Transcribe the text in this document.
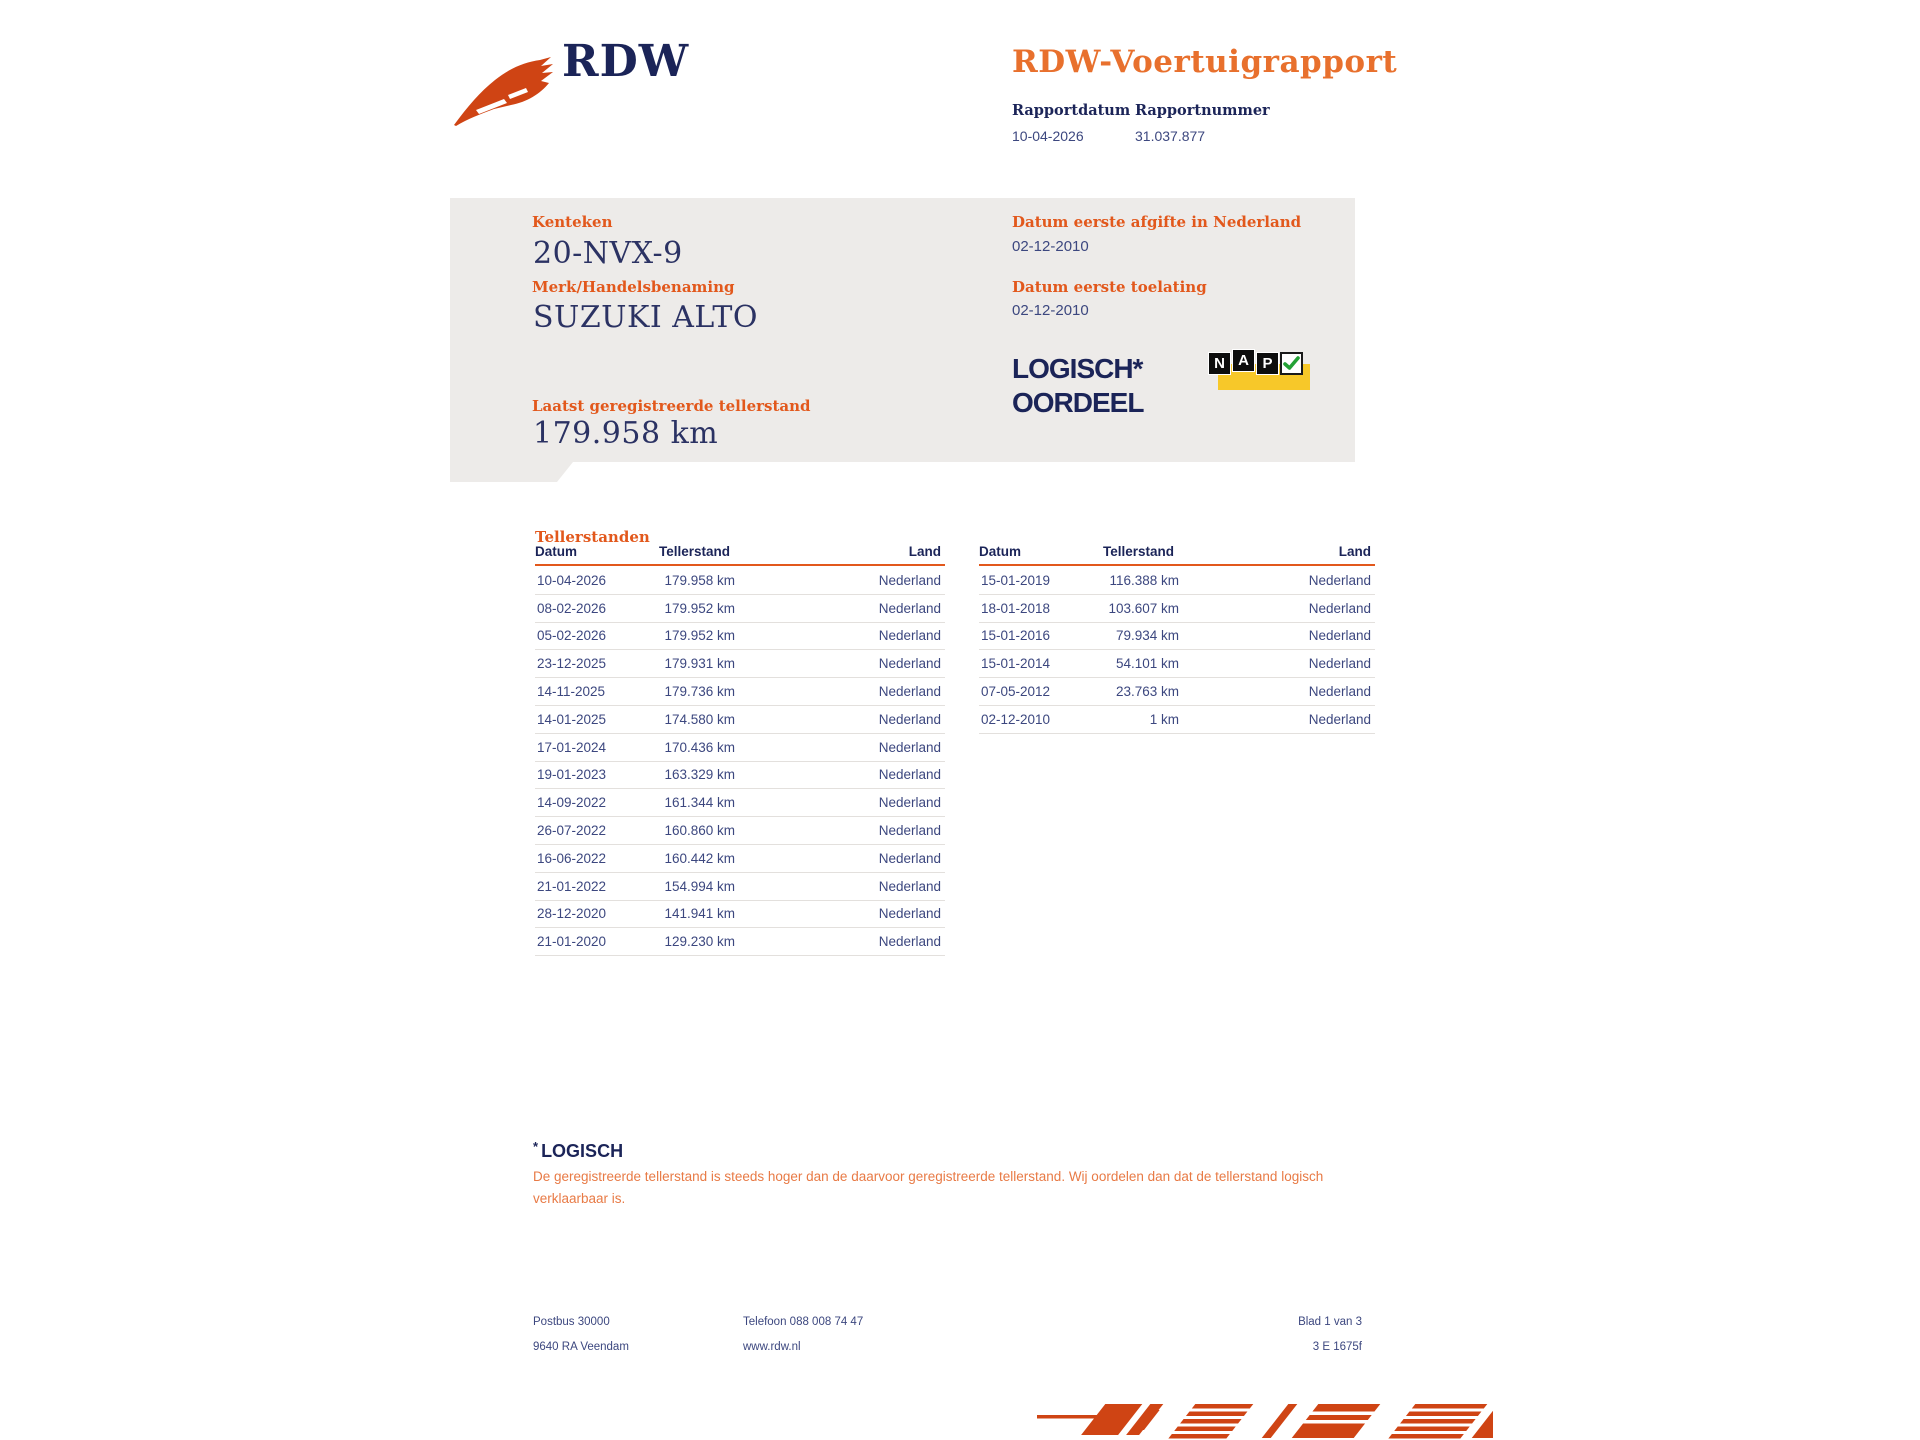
RDW	RDW-Voertuigrapport
Rapportdatum
10-04-2026
Rapportnummer
31.037.877
Kenteken
20-NVX-9
Merk/Handelsbenaming
SUZUKI ALTO
Laatst geregistreerde tellerstand
179.958 km
Datum eerste afgifte in Nederland
02-12-2010
Datum eerste toelating
02-12-2010
LOGISCH*
OORDEEL
N A P
Tellerstanden
Datum	Tellerstand	Land
10-04-2026	179.958 km	Nederland
08-02-2026	179.952 km	Nederland
05-02-2026	179.952 km	Nederland
23-12-2025	179.931 km	Nederland
14-11-2025	179.736 km	Nederland
14-01-2025	174.580 km	Nederland
17-01-2024	170.436 km	Nederland
19-01-2023	163.329 km	Nederland
14-09-2022	161.344 km	Nederland
26-07-2022	160.860 km	Nederland
16-06-2022	160.442 km	Nederland
21-01-2022	154.994 km	Nederland
28-12-2020	141.941 km	Nederland
21-01-2020	129.230 km	Nederland
Datum	Tellerstand	Land
15-01-2019	116.388 km	Nederland
18-01-2018	103.607 km	Nederland
15-01-2016	79.934 km	Nederland
15-01-2014	54.101 km	Nederland
07-05-2012	23.763 km	Nederland
02-12-2010	1 km	Nederland
* LOGISCH

De geregistreerde tellerstand is steeds hoger dan de daarvoor geregistreerde tellerstand. Wij oordelen dan dat de tellerstand logisch verklaarbaar is.

Postbus 30000
9640 RA Veendam
Telefoon 088 008 74 47
www.rdw.nl
Blad 1 van 3
3 E 1675f
